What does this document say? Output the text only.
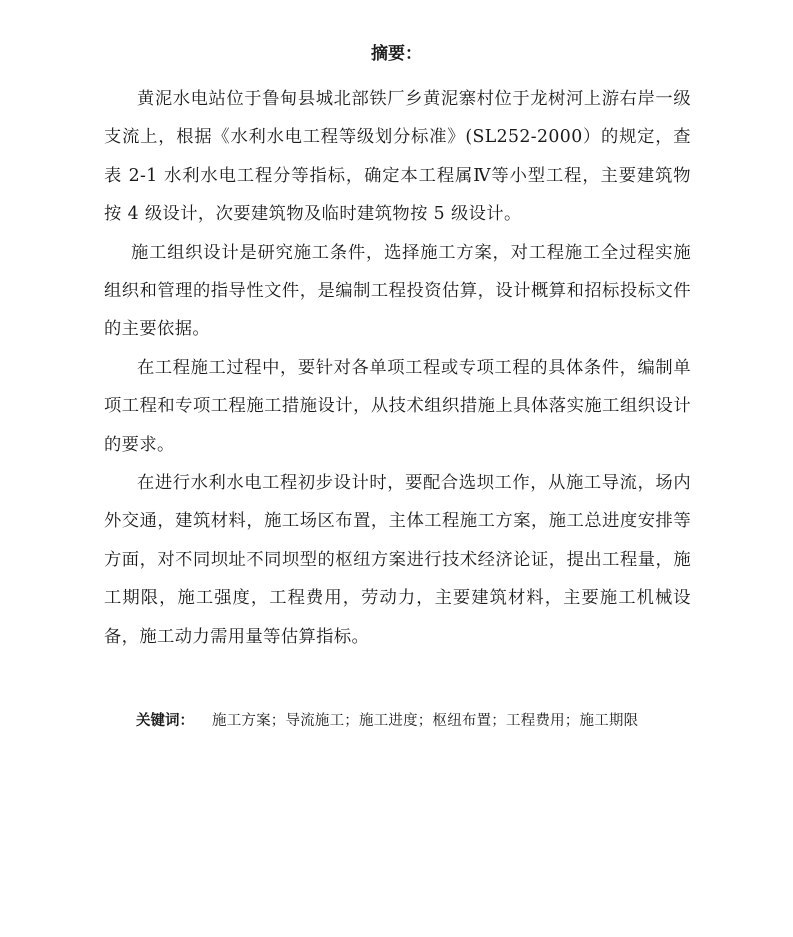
摘要：

黄泥水电站位于鲁甸县城北部铁厂乡黄泥寨村位于龙树河上游右岸一级支流上，根据《水利水电工程等级划分标准》(SL252-2000）的规定，查表 2-1 水利水电工程分等指标，确定本工程属Ⅳ等小型工程，主要建筑物按 4 级设计，次要建筑物及临时建筑物按 5 级设计。

施工组织设计是研究施工条件，选择施工方案，对工程施工全过程实施组织和管理的指导性文件，是编制工程投资估算，设计概算和招标投标文件的主要依据。

在工程施工过程中，要针对各单项工程或专项工程的具体条件，编制单项工程和专项工程施工措施设计，从技术组织措施上具体落实施工组织设计的要求。

在进行水利水电工程初步设计时，要配合选坝工作，从施工导流，场内外交通，建筑材料，施工场区布置，主体工程施工方案，施工总进度安排等方面，对不同坝址不同坝型的枢纽方案进行技术经济论证，提出工程量，施工期限，施工强度，工程费用，劳动力，主要建筑材料，主要施工机械设备，施工动力需用量等估算指标。

关键词： 施工方案；导流施工；施工进度；枢纽布置；工程费用；施工期限
